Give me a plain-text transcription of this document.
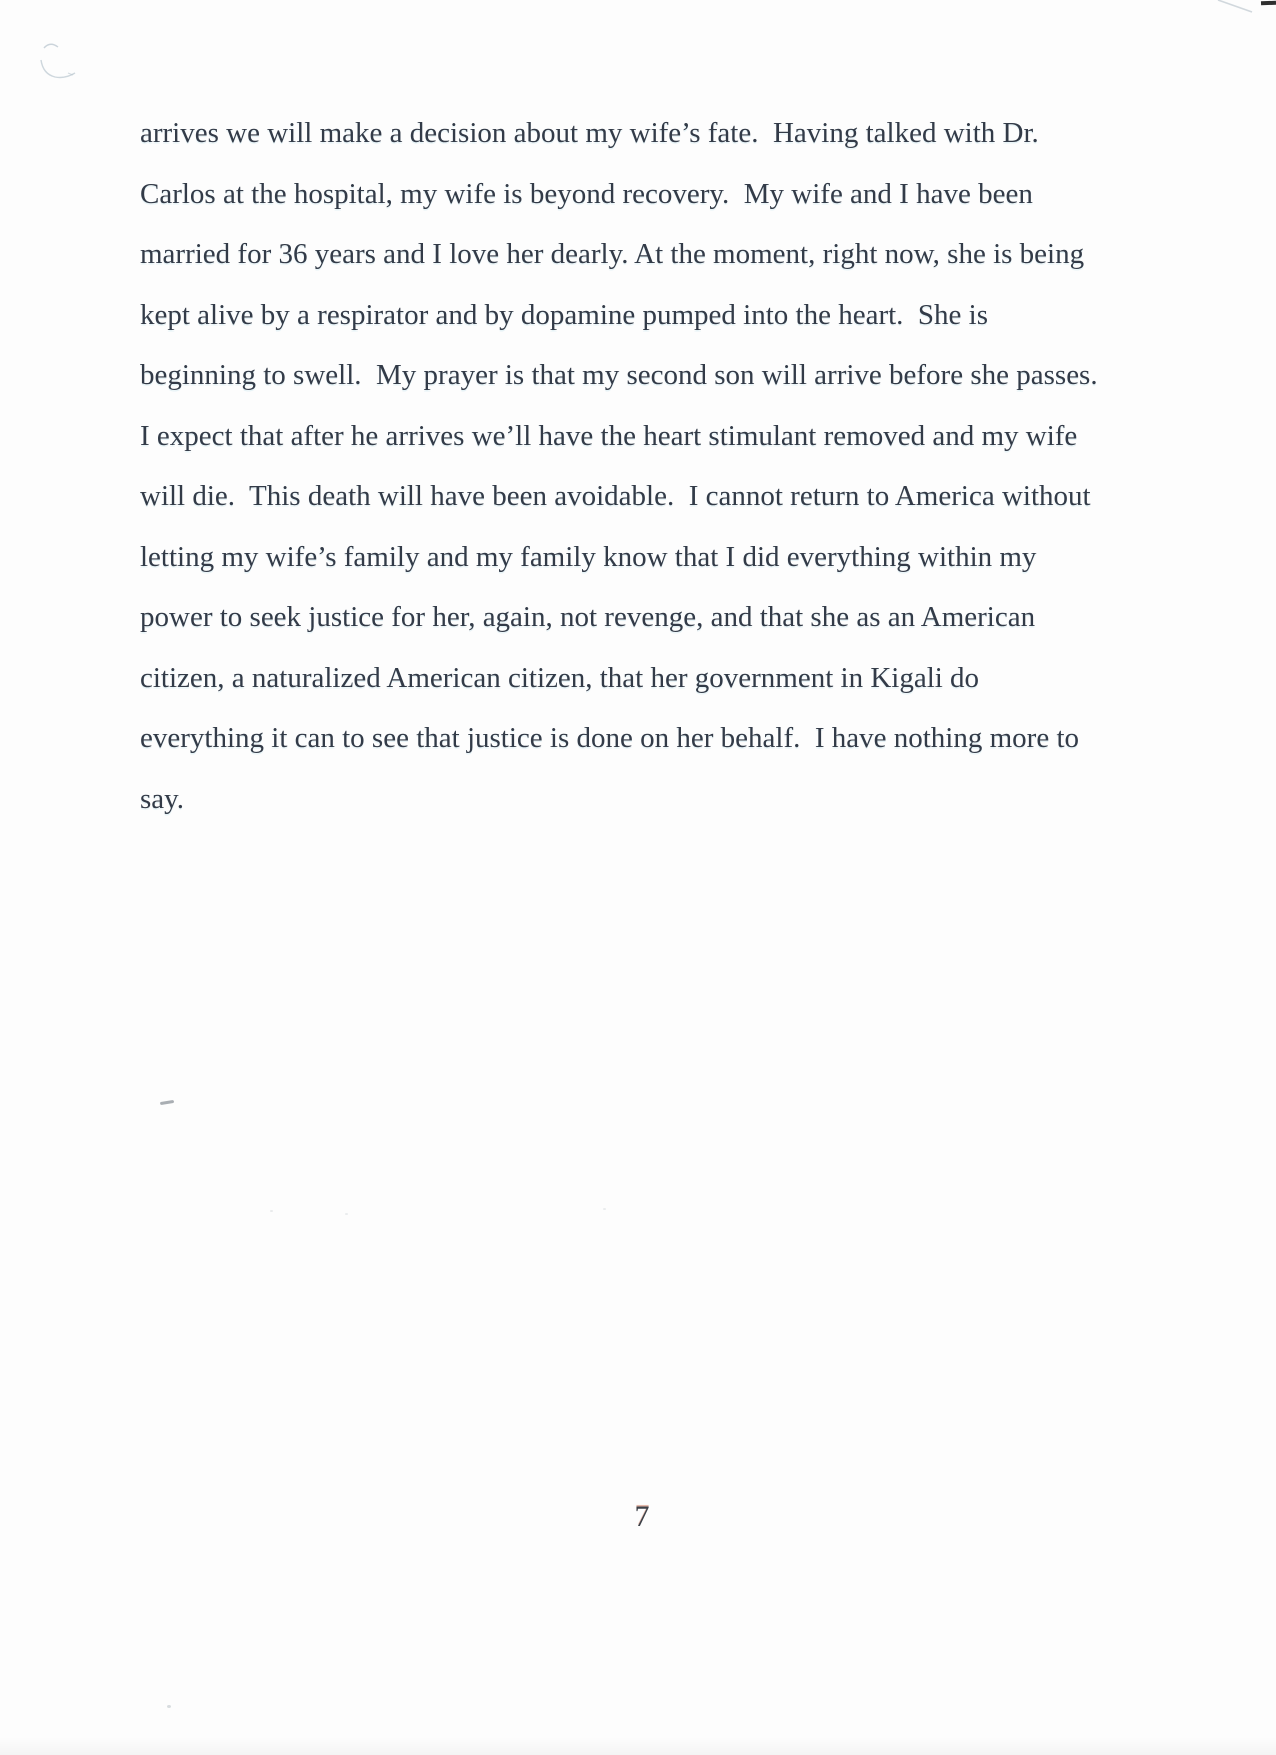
arrives we will make a decision about my wife’s fate.  Having talked with Dr.
Carlos at the hospital, my wife is beyond recovery.  My wife and I have been
married for 36 years and I love her dearly. At the moment, right now, she is being
kept alive by a respirator and by dopamine pumped into the heart.  She is
beginning to swell.  My prayer is that my second son will arrive before she passes.
I expect that after he arrives we’ll have the heart stimulant removed and my wife
will die.  This death will have been avoidable.  I cannot return to America without
letting my wife’s family and my family know that I did everything within my
power to seek justice for her, again, not revenge, and that she as an American
citizen, a naturalized American citizen, that her government in Kigali do
everything it can to see that justice is done on her behalf.  I have nothing more to
say.
7
